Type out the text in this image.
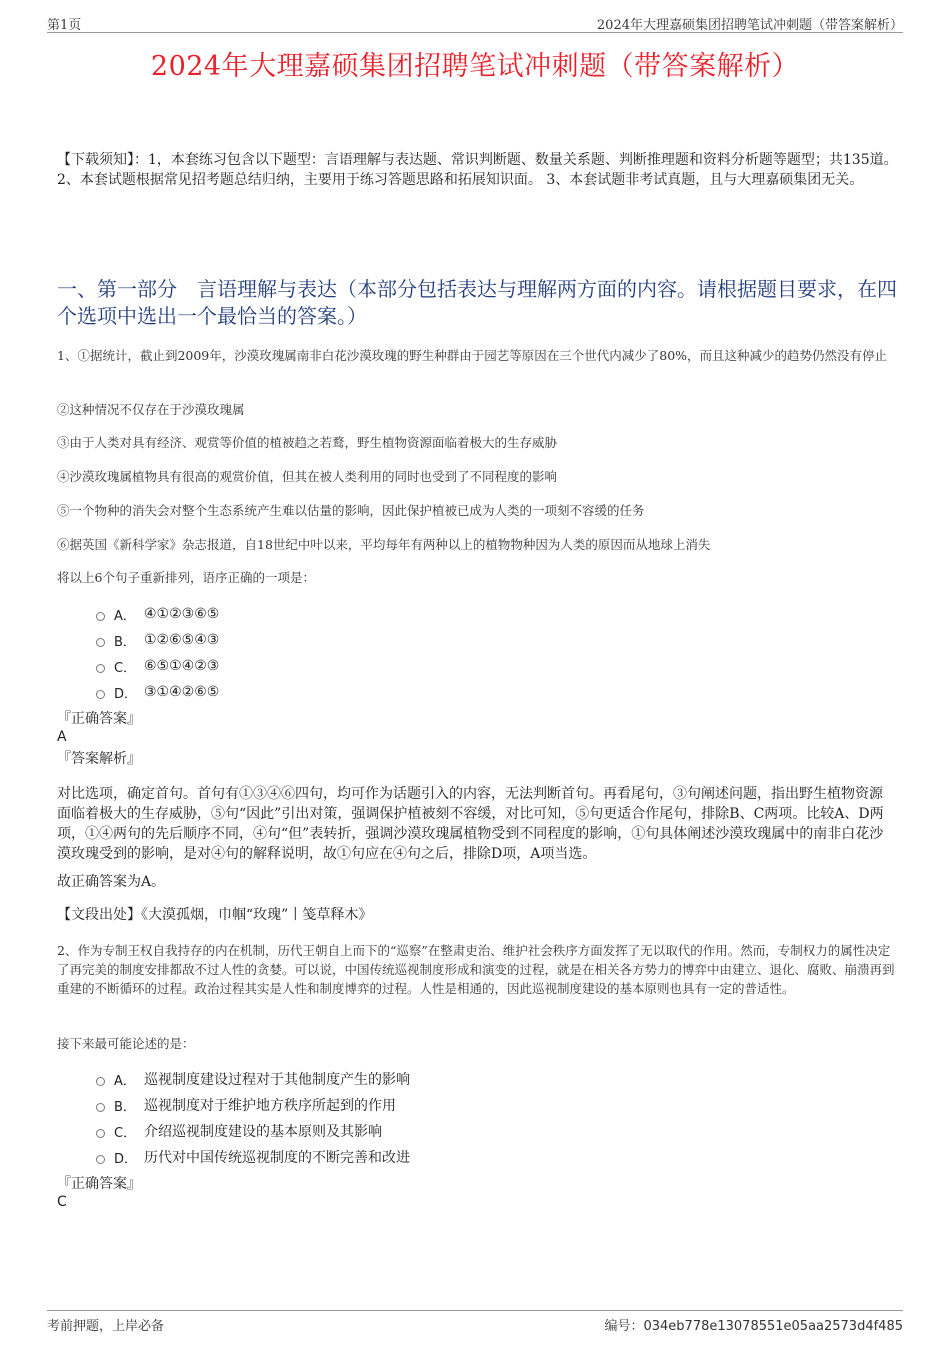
第1页	2024年大理嘉硕集团招聘笔试冲刺题（带答案解析）
2024年大理嘉硕集团招聘笔试冲刺题（带答案解析）
【下载须知】：1，本套练习包含以下题型：言语理解与表达题、常识判断题、数量关系题、判断推理题和资料分析题等题型；共135道。 2、本套试题根据常见招考题总结归纳，主要用于练习答题思路和拓展知识面。 3、本套试题非考试真题，且与大理嘉硕集团无关。
一、第一部分　言语理解与表达（本部分包括表达与理解两方面的内容。请根据题目要求，在四个选项中选出一个最恰当的答案。）
1、①据统计，截止到2009年，沙漠玫瑰属南非白花沙漠玫瑰的野生种群由于园艺等原因在三个世代内减少了80%，而且这种减少的趋势仍然没有停止
②这种情况不仅存在于沙漠玫瑰属
③由于人类对具有经济、观赏等价值的植被趋之若鹜，野生植物资源面临着极大的生存威胁
④沙漠玫瑰属植物具有很高的观赏价值，但其在被人类利用的同时也受到了不同程度的影响
⑤一个物种的消失会对整个生态系统产生难以估量的影响，因此保护植被已成为人类的一项刻不容缓的任务
⑥据英国《新科学家》杂志报道，自18世纪中叶以来，平均每年有两种以上的植物物种因为人类的原因而从地球上消失
将以上6个句子重新排列，语序正确的一项是：
A． ④①②③⑥⑤
B． ①②⑥⑤④③
C． ⑥⑤①④②③
D． ③①④②⑥⑤
『正确答案』
A
『答案解析』
对比选项，确定首句。首句有①③④⑥四句，均可作为话题引入的内容，无法判断首句。再看尾句，③句阐述问题，指出野生植物资源面临着极大的生存威胁，⑤句“因此”引出对策，强调保护植被刻不容缓，对比可知，⑤句更适合作尾句，排除B、C两项。比较A、D两项，①④两句的先后顺序不同，④句“但”表转折，强调沙漠玫瑰属植物受到不同程度的影响，①句具体阐述沙漠玫瑰属中的南非白花沙漠玫瑰受到的影响，是对④句的解释说明，故①句应在④句之后，排除D项，A项当选。
故正确答案为A。
【文段出处】《大漠孤烟，巾帼“玫瑰”丨笺草释木》
2、作为专制王权自我持存的内在机制，历代王朝自上而下的“巡察”在整肃吏治、维护社会秩序方面发挥了无以取代的作用。然而，专制权力的属性决定了再完美的制度安排都敌不过人性的贪婪。可以说，中国传统巡视制度形成和演变的过程，就是在相关各方势力的博弈中由建立、退化、腐败、崩溃再到重建的不断循环的过程。政治过程其实是人性和制度博弈的过程。人性是相通的，因此巡视制度建设的基本原则也具有一定的普适性。
接下来最可能论述的是：
A． 巡视制度建设过程对于其他制度产生的影响
B． 巡视制度对于维护地方秩序所起到的作用
C． 介绍巡视制度建设的基本原则及其影响
D． 历代对中国传统巡视制度的不断完善和改进
『正确答案』
C
考前押题，上岸必备	编号：034eb778e13078551e05aa2573d4f485
